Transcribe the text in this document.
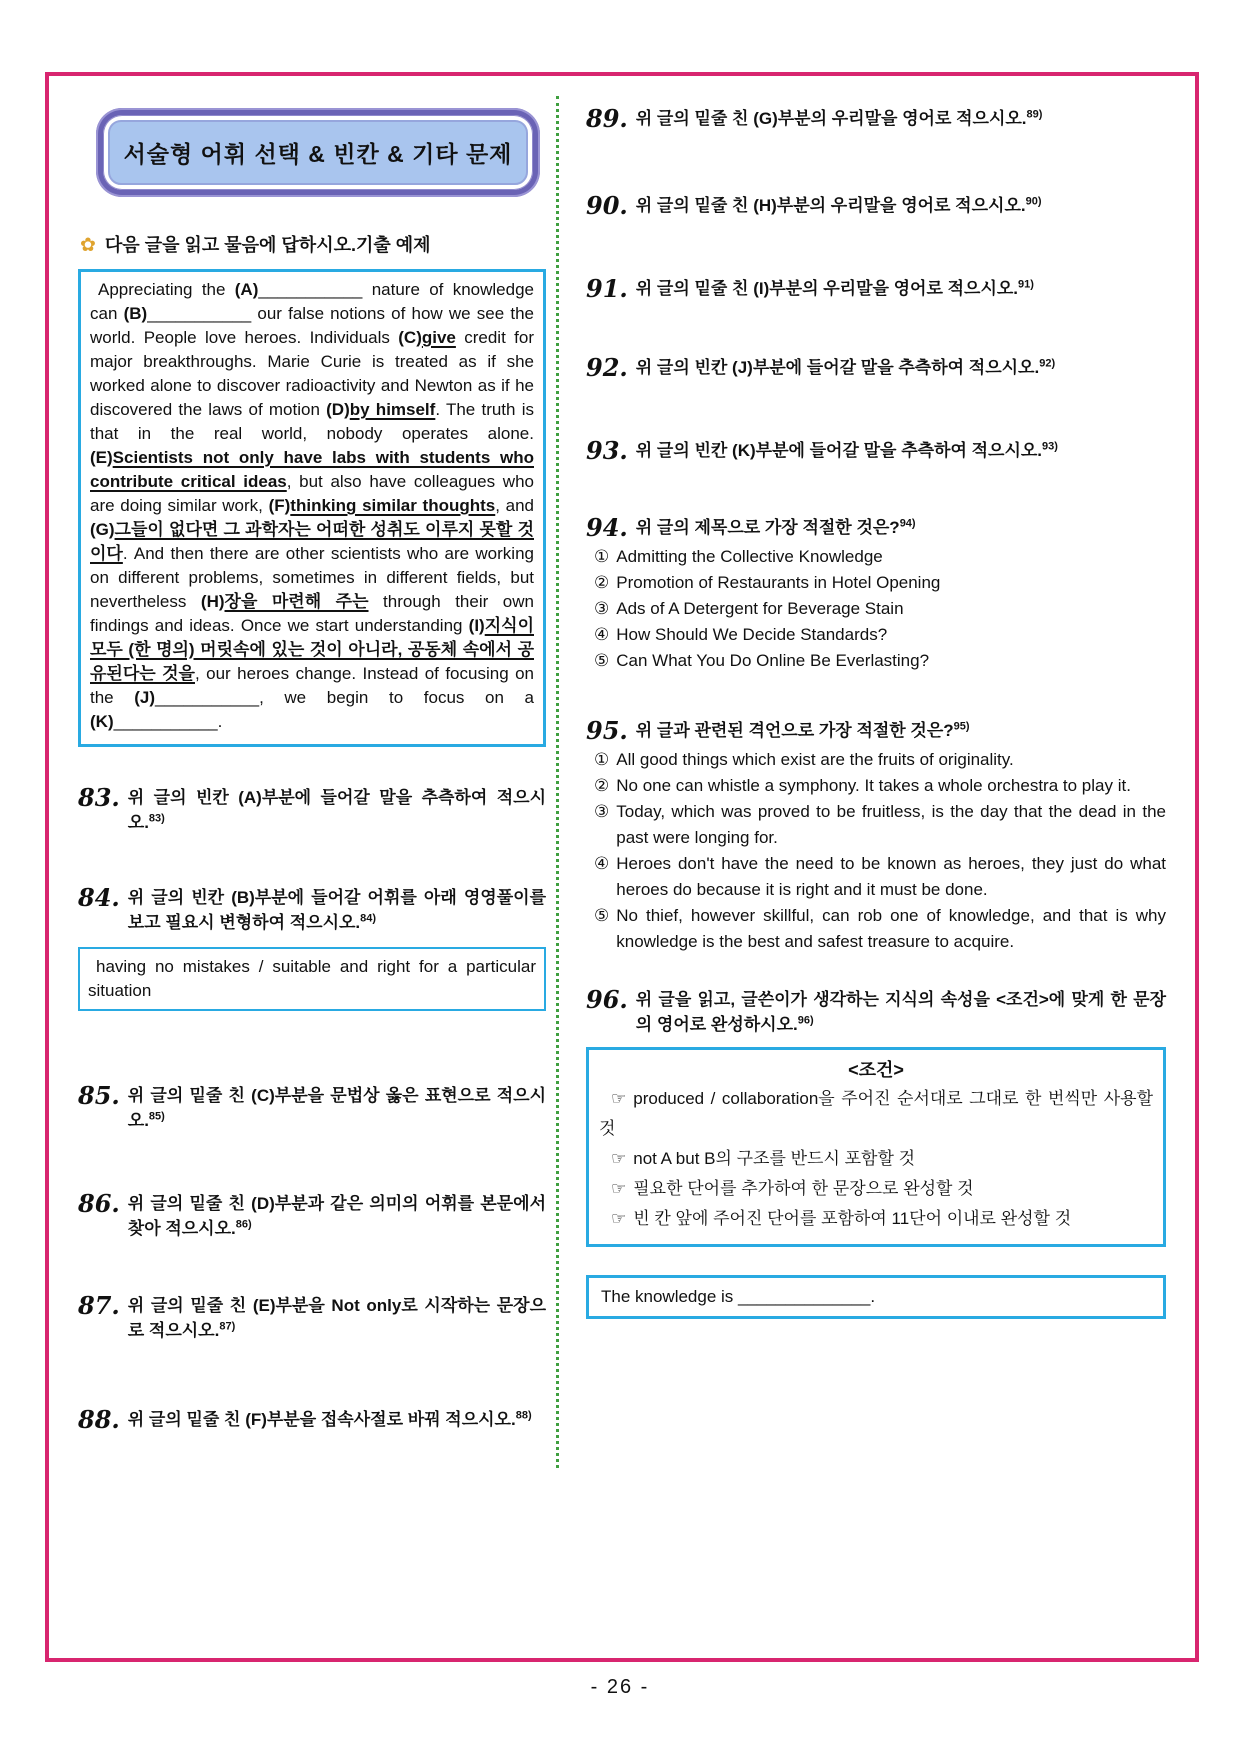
서술형 어휘 선택 & 빈칸 & 기타 문제
✿ 다음 글을 읽고 물음에 답하시오.기출 예제
Appreciating the (A)___________ nature of knowledge can (B)___________ our false notions of how we see the world. People love heroes. Individuals (C)give credit for major breakthroughs. Marie Curie is treated as if she worked alone to discover radioactivity and Newton as if he discovered the laws of motion (D)by himself. The truth is that in the real world, nobody operates alone. (E)Scientists not only have labs with students who contribute critical ideas, but also have colleagues who are doing similar work, (F)thinking similar thoughts, and (G)그들이 없다면 그 과학자는 어떠한 성취도 이루지 못할 것이다. And then there are other scientists who are working on different problems, sometimes in different fields, but nevertheless (H)장을 마련해 주는 through their own findings and ideas. Once we start understanding (I)지식이 모두 (한 명의) 머릿속에 있는 것이 아니라, 공동체 속에서 공유된다는 것을, our heroes change. Instead of focusing on the (J)___________, we begin to focus on a (K)___________.
83. 위 글의 빈칸 (A)부분에 들어갈 말을 추측하여 적으시오.$^{83)}$
84. 위 글의 빈칸 (B)부분에 들어갈 어휘를 아래 영영풀이를 보고 필요시 변형하여 적으시오.$^{84)}$
having no mistakes / suitable and right for a particular situation
85. 위 글의 밑줄 친 (C)부분을 문법상 옳은 표현으로 적으시오.$^{85)}$
86. 위 글의 밑줄 친 (D)부분과 같은 의미의 어휘를 본문에서 찾아 적으시오.$^{86)}$
87. 위 글의 밑줄 친 (E)부분을 Not only로 시작하는 문장으로 적으시오.$^{87)}$
88. 위 글의 밑줄 친 (F)부분을 접속사절로 바꿔 적으시오.$^{88)}$
89. 위 글의 밑줄 친 (G)부분의 우리말을 영어로 적으시오.$^{89)}$
90. 위 글의 밑줄 친 (H)부분의 우리말을 영어로 적으시오.$^{90)}$
91. 위 글의 밑줄 친 (I)부분의 우리말을 영어로 적으시오.$^{91)}$
92. 위 글의 빈칸 (J)부분에 들어갈 말을 추측하여 적으시오.$^{92)}$
93. 위 글의 빈칸 (K)부분에 들어갈 말을 추측하여 적으시오.$^{93)}$
94. 위 글의 제목으로 가장 적절한 것은?$^{94)}$
① Admitting the Collective Knowledge
② Promotion of Restaurants in Hotel Opening
③ Ads of A Detergent for Beverage Stain
④ How Should We Decide Standards?
⑤ Can What You Do Online Be Everlasting?
95. 위 글과 관련된 격언으로 가장 적절한 것은?$^{95)}$
① All good things which exist are the fruits of originality.
② No one can whistle a symphony. It takes a whole orchestra to play it.
③ Today, which was proved to be fruitless, is the day that the dead in the past were longing for.
④ Heroes don't have the need to be known as heroes, they just do what heroes do because it is right and it must be done.
⑤ No thief, however skillful, can rob one of knowledge, and that is why knowledge is the best and safest treasure to acquire.
96. 위 글을 읽고, 글쓴이가 생각하는 지식의 속성을 <조건>에 맞게 한 문장의 영어로 완성하시오.$^{96)}$
<조건>
☞ produced / collaboration을 주어진 순서대로 그대로 한 번씩만 사용할 것
☞ not A but B의 구조를 반드시 포함할 것
☞ 필요한 단어를 추가하여 한 문장으로 완성할 것
☞ 빈 칸 앞에 주어진 단어를 포함하여 11단어 이내로 완성할 것
The knowledge is ______________.
- 26 -
